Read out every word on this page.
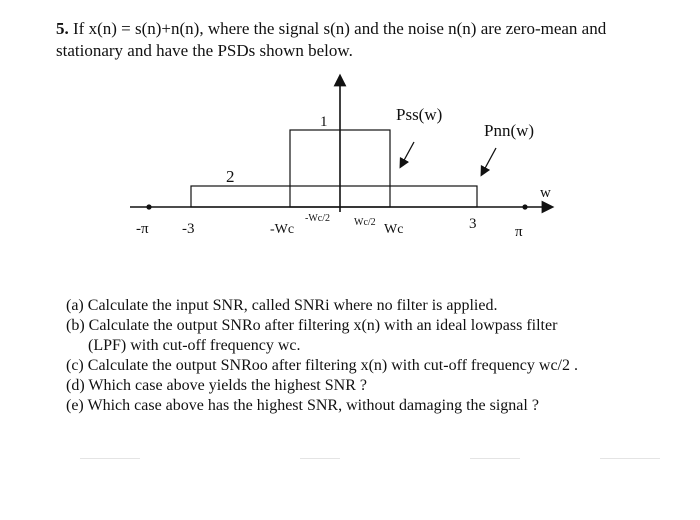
5. If x(n) = s(n)+n(n), where the signal s(n) and the noise n(n) are zero-mean and
stationary and have the PSDs shown below.
1
2
Pss(w)
Pnn(w)
-π -3	-Wc
-Wc/2 Wc/2 Wc	3	π
w
(a) Calculate the input SNR, called SNRi where no filter is applied.
(b) Calculate the output SNRo after filtering x(n) with an ideal lowpass filter
(LPF) with cut-off frequency wc.
(c) Calculate the output SNRoo after filtering x(n) with cut-off frequency wc/2 .
(d) Which case above yields the highest SNR ?
(e) Which case above has the highest SNR, without damaging the signal ?
